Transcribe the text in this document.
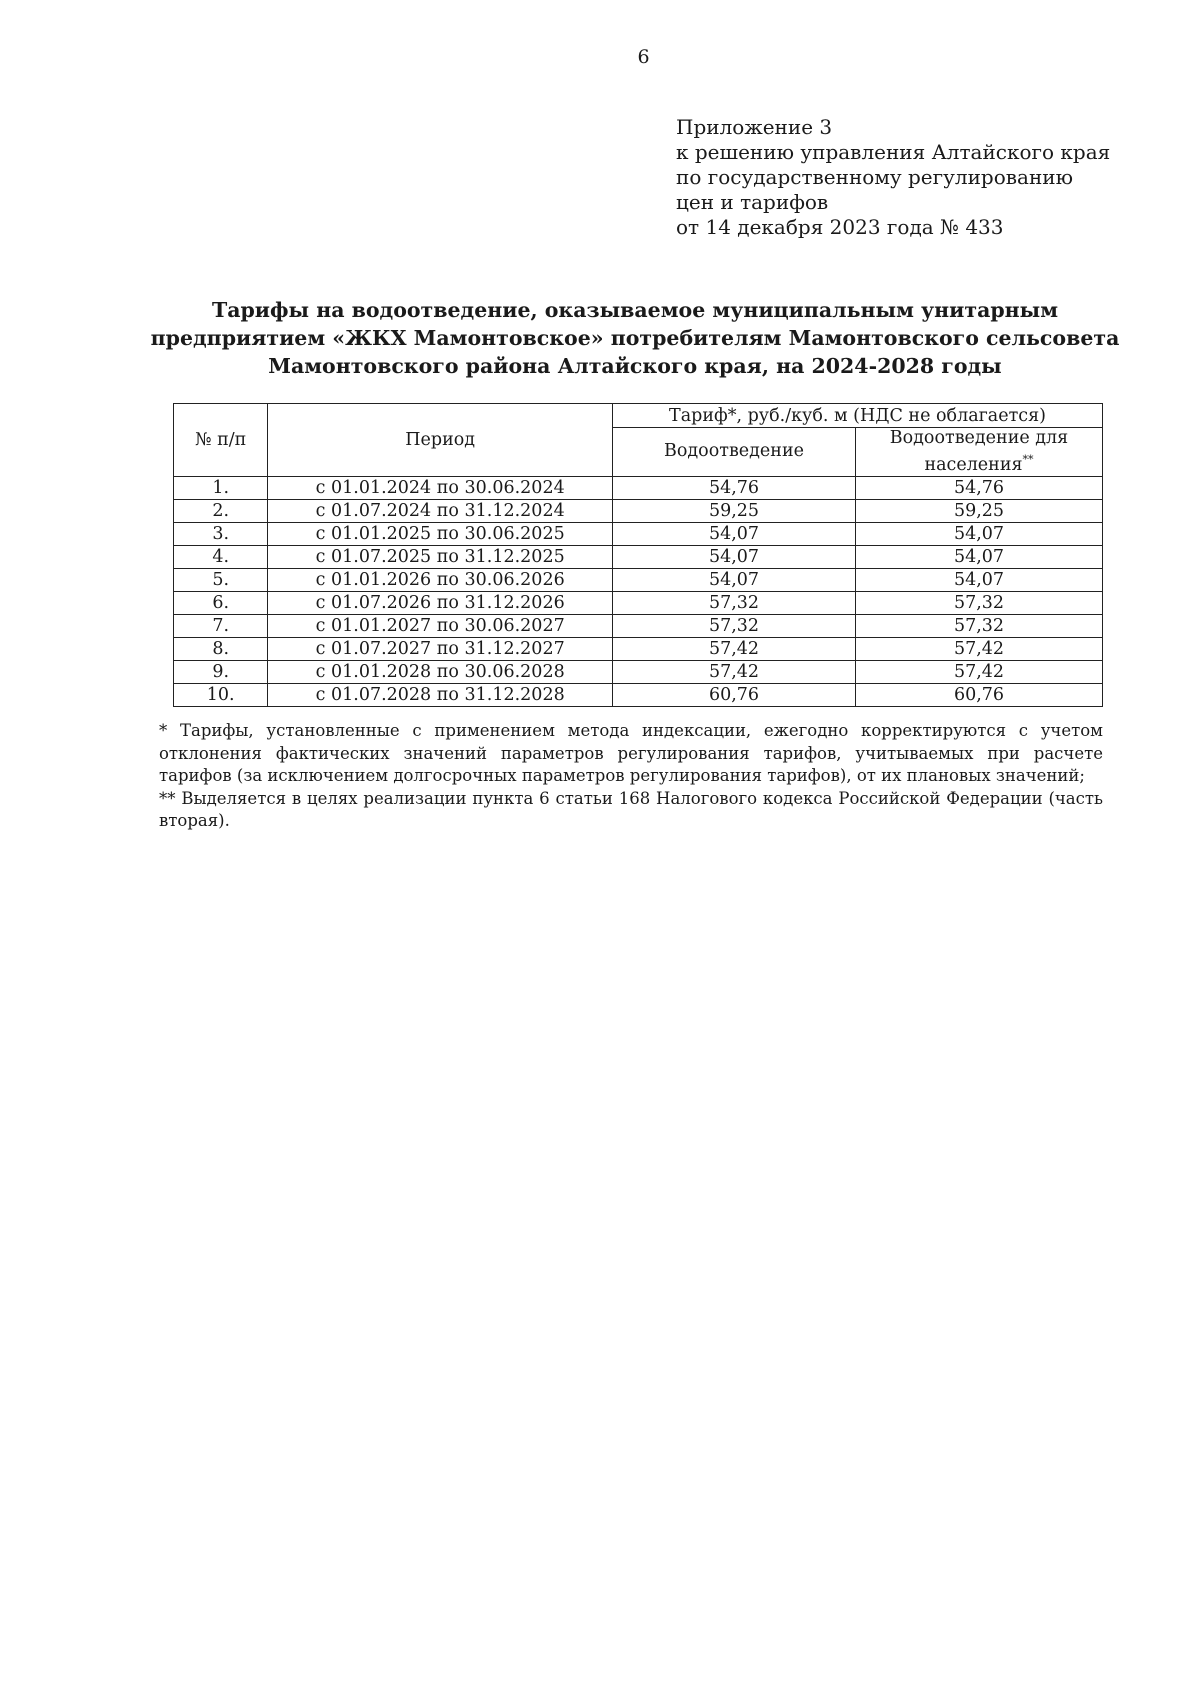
6
Приложение 3
к решению управления Алтайского края
по государственному регулированию
цен и тарифов
от 14 декабря 2023 года № 433
Тарифы на водоотведение, оказываемое муниципальным унитарным
предприятием «ЖКХ Мамонтовское» потребителям Мамонтовского сельсовета
Мамонтовского района Алтайского края, на 2024-2028 годы
№ п/п	Период	Тариф*, руб./куб. м (НДС не облагается)	
		Водоотведение	Водоотведение для
населения**
1.	с 01.01.2024 по 30.06.2024	54,76	54,76
2.	с 01.07.2024 по 31.12.2024	59,25	59,25
3.	с 01.01.2025 по 30.06.2025	54,07	54,07
4.	с 01.07.2025 по 31.12.2025	54,07	54,07
5.	с 01.01.2026 по 30.06.2026	54,07	54,07
6.	с 01.07.2026 по 31.12.2026	57,32	57,32
7.	с 01.01.2027 по 30.06.2027	57,32	57,32
8.	с 01.07.2027 по 31.12.2027	57,42	57,42
9.	с 01.01.2028 по 30.06.2028	57,42	57,42
10.	с 01.07.2028 по 31.12.2028	60,76	60,76

* Тарифы, установленные с применением метода индексации, ежегодно корректируются с учетом отклонения фактических значений параметров регулирования тарифов, учитываемых при расчете тарифов (за исключением долгосрочных параметров регулирования тарифов), от их плановых значений;

** Выделяется в целях реализации пункта 6 статьи 168 Налогового кодекса Российской Федерации (часть вторая).
